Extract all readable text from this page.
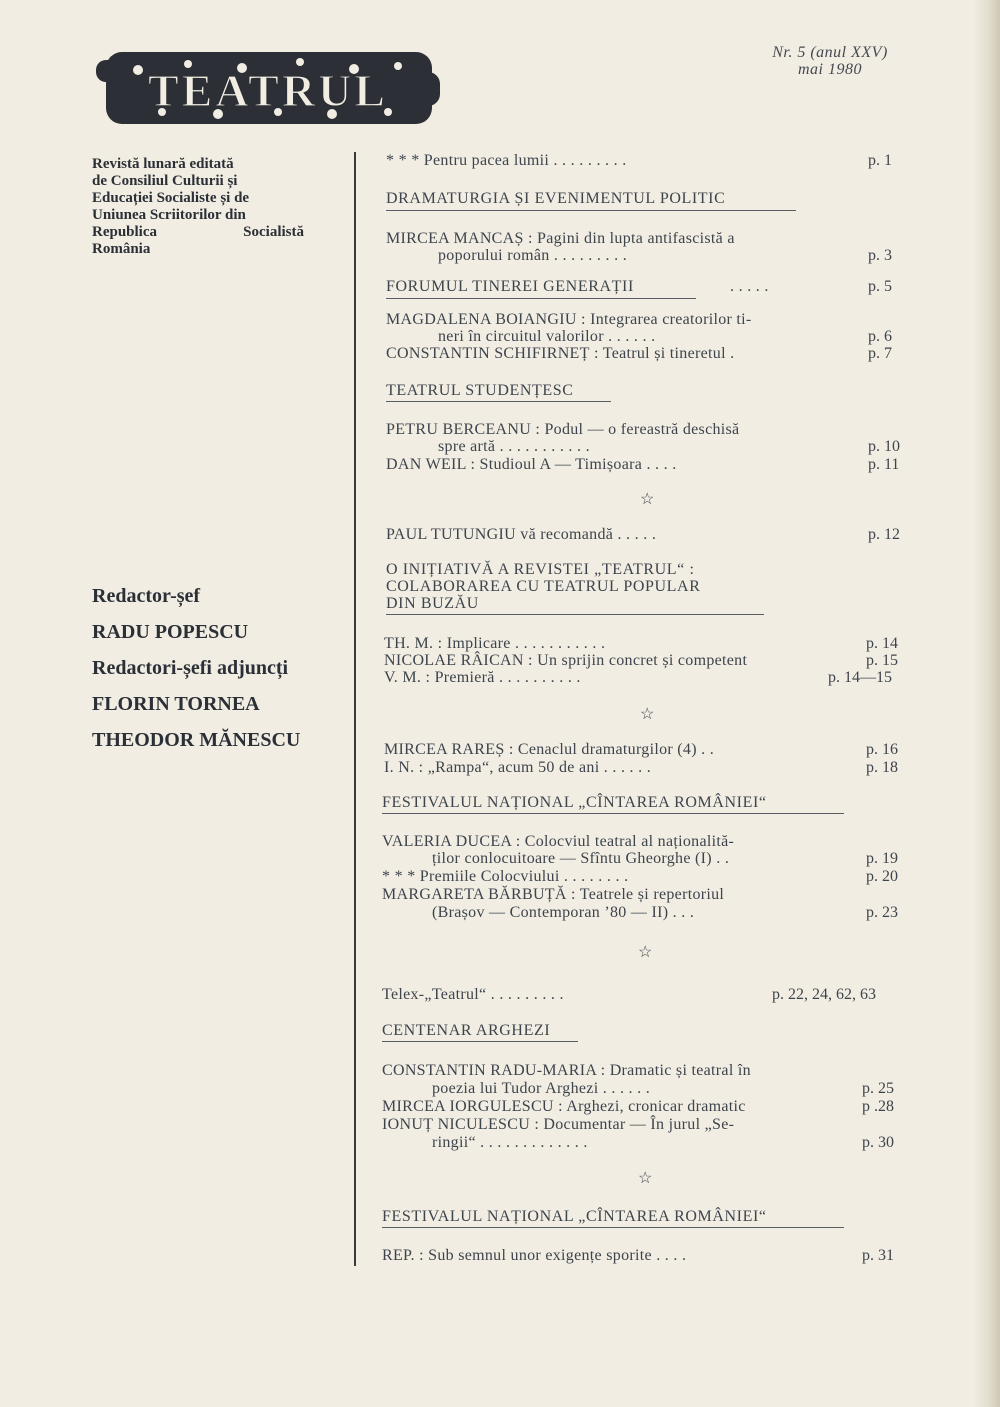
TEATRUL
Nr. 5 (anul XXV)
mai 1980
Revistă lunară editată
de Consiliul Culturii și
Educației Socialiste și de
Uniunea Scriitorilor din
Republica Socialistă
România
Redactor-șef
RADU POPESCU
Redactori-șefi adjuncți
FLORIN TORNEA
THEODOR MĂNESCU
* * * Pentru pacea lumii . . . . . . . . .	p. 1
DRAMATURGIA ȘI EVENIMENTUL POLITIC
MIRCEA MANCAȘ : Pagini din lupta antifascistă a
poporului român . . . . . . . . .	p. 3
FORUMUL TINEREI GENERAȚII	. . . . .	p. 5
MAGDALENA BOIANGIU : Integrarea creatorilor ti-
neri în circuitul valorilor . . . . . .	p. 6
CONSTANTIN SCHIFIRNEȚ : Teatrul și tineretul .	p. 7
TEATRUL STUDENȚESC
PETRU BERCEANU : Podul — o fereastră deschisă
spre artă . . . . . . . . . . .	p. 10
DAN WEIL : Studioul A — Timișoara . . . .	p. 11
☆
PAUL TUTUNGIU vă recomandă . . . . .	p. 12
O INIȚIATIVĂ A REVISTEI „TEATRUL“ :
COLABORAREA CU TEATRUL POPULAR
DIN BUZĂU
TH. M. : Implicare . . . . . . . . . . .	p. 14
NICOLAE RÂICAN : Un sprijin concret și competent	p. 15
V. M. : Premieră . . . . . . . . . .	p. 14—15
☆
MIRCEA RAREȘ : Cenaclul dramaturgilor (4) . .	p. 16
I. N. : „Rampa“, acum 50 de ani . . . . . .	p. 18
FESTIVALUL NAȚIONAL „CÎNTAREA ROMÂNIEI“
VALERIA DUCEA : Colocviul teatral al naționalită-
ților conlocuitoare — Sfîntu Gheorghe (I) . .	p. 19
* * * Premiile Colocviului . . . . . . . .	p. 20
MARGARETA BĂRBUȚĂ : Teatrele și repertoriul
(Brașov — Contemporan ’80 — II) . . .	p. 23
☆
Telex-„Teatrul“ . . . . . . . . .	p. 22, 24, 62, 63
CENTENAR ARGHEZI
CONSTANTIN RADU-MARIA : Dramatic și teatral în
poezia lui Tudor Arghezi . . . . . .	p. 25
MIRCEA IORGULESCU : Arghezi, cronicar dramatic	p .28
IONUȚ NICULESCU : Documentar — În jurul „Se-
ringii“ . . . . . . . . . . . . .	p. 30
☆
FESTIVALUL NAȚIONAL „CÎNTAREA ROMÂNIEI“
REP. : Sub semnul unor exigențe sporite . . . .	p. 31
